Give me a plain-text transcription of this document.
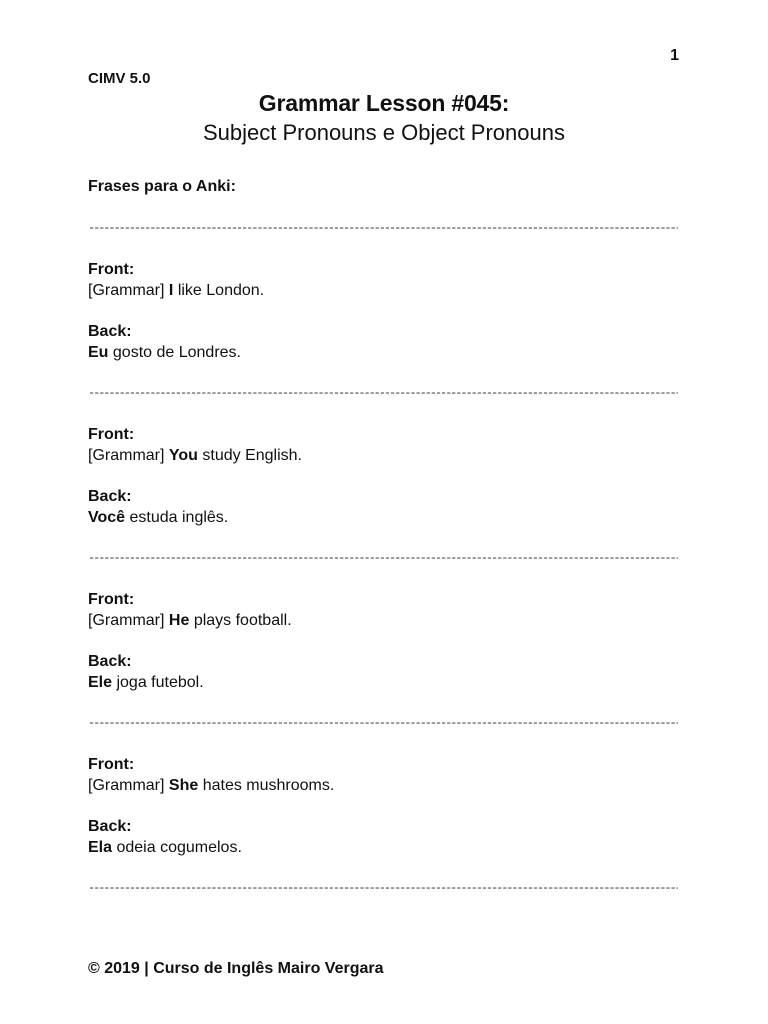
1
CIMV 5.0
Grammar Lesson #045:
Subject Pronouns e Object Pronouns
Frases para o Anki:
-----
Front:
[Grammar] I like London.
Back:
Eu gosto de Londres.
-----
Front:
[Grammar] You study English.
Back:
Você estuda inglês.
-----
Front:
[Grammar] He plays football.
Back:
Ele joga futebol.
-----
Front:
[Grammar] She hates mushrooms.
Back:
Ela odeia cogumelos.
-----
© 2019 | Curso de Inglês Mairo Vergara
